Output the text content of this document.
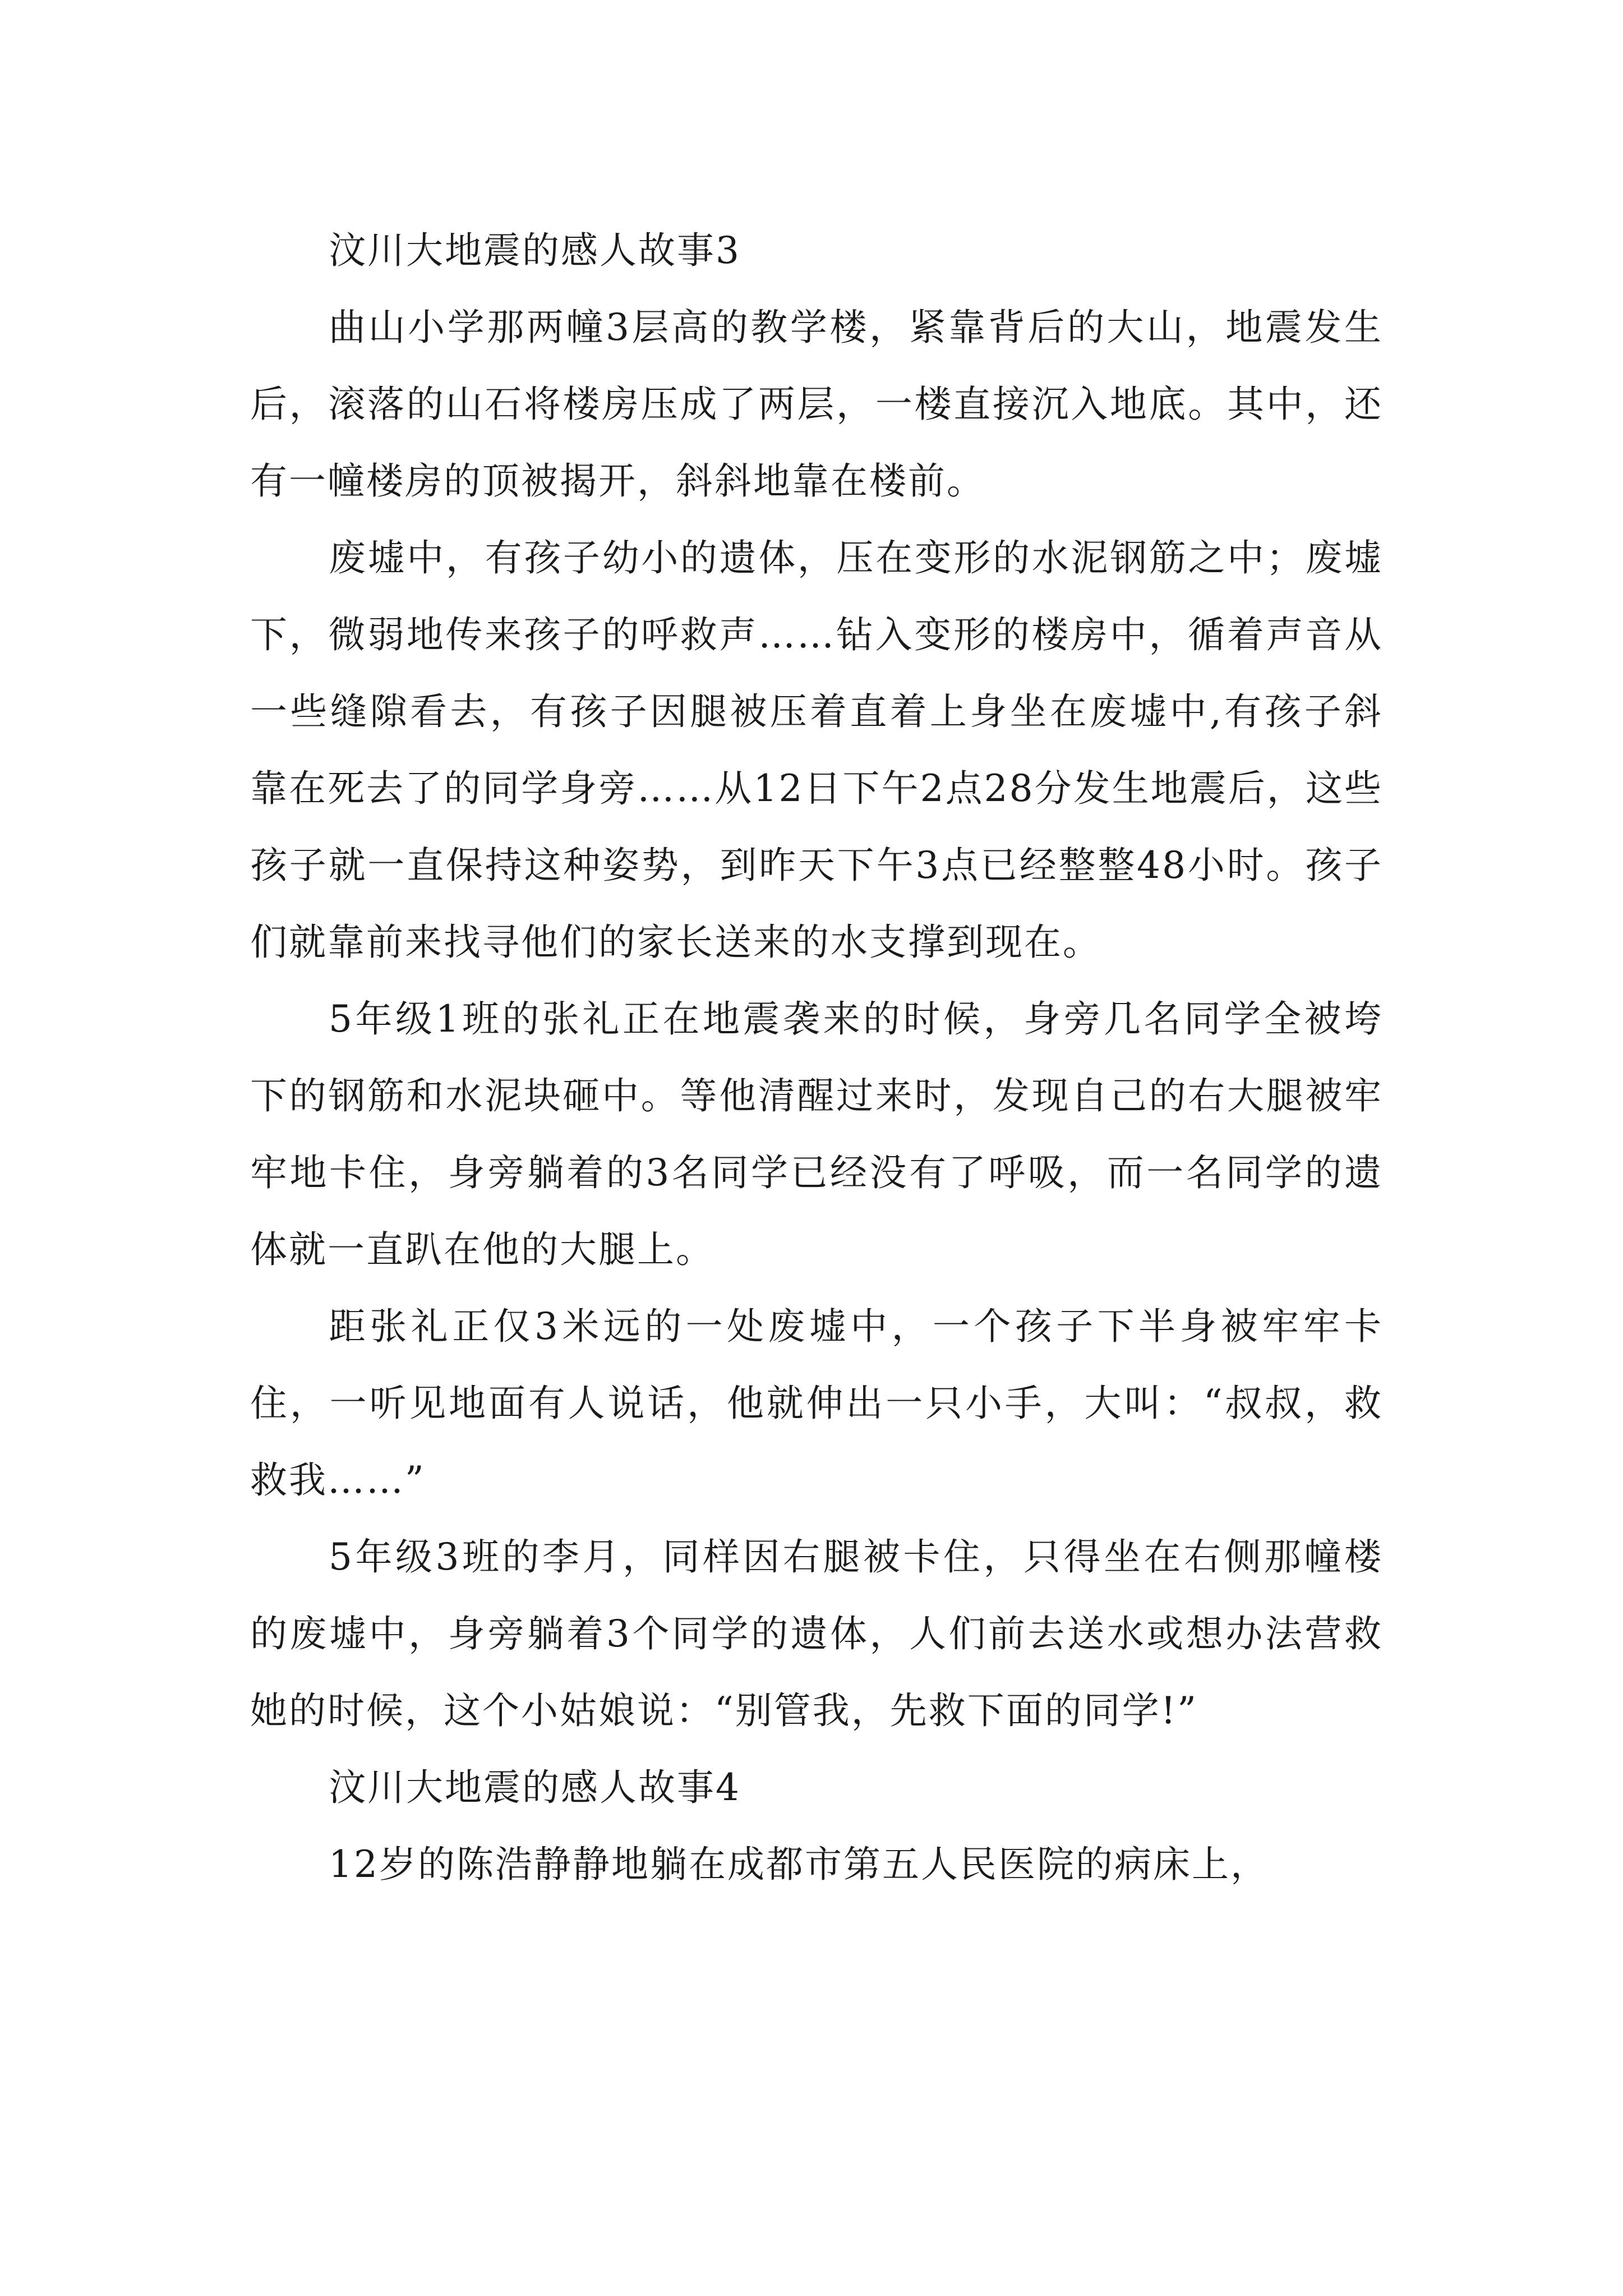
汶川大地震的感人故事3

曲山小学那两幢3层高的教学楼，紧靠背后的大山，地震发生后，滚落的山石将楼房压成了两层，一楼直接沉入地底。其中，还有一幢楼房的顶被揭开，斜斜地靠在楼前。

废墟中，有孩子幼小的遗体，压在变形的水泥钢筋之中；废墟下，微弱地传来孩子的呼救声……钻入变形的楼房中，循着声音从一些缝隙看去，有孩子因腿被压着直着上身坐在废墟中,有孩子斜靠在死去了的同学身旁……从12日下午2点28分发生地震后，这些孩子就一直保持这种姿势，到昨天下午3点已经整整48小时。孩子们就靠前来找寻他们的家长送来的水支撑到现在。

5年级1班的张礼正在地震袭来的时候，身旁几名同学全被垮下的钢筋和水泥块砸中。等他清醒过来时，发现自己的右大腿被牢牢地卡住，身旁躺着的3名同学已经没有了呼吸，而一名同学的遗体就一直趴在他的大腿上。

距张礼正仅3米远的一处废墟中，一个孩子下半身被牢牢卡住，一听见地面有人说话，他就伸出一只小手，大叫：“叔叔，救救我……”

5年级3班的李月，同样因右腿被卡住，只得坐在右侧那幢楼的废墟中，身旁躺着3个同学的遗体，人们前去送水或想办法营救她的时候，这个小姑娘说：“别管我，先救下面的同学!”

汶川大地震的感人故事4

12岁的陈浩静静地躺在成都市第五人民医院的病床上，
